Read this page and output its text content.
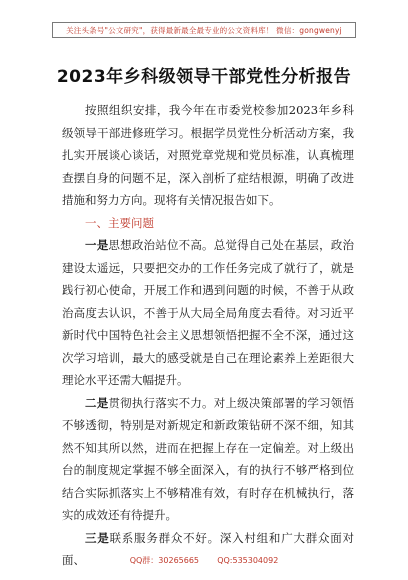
关注头条号"公文研究"，获得最新最全最专业的公文资料库！ 微信：gongwenyj
2023年乡科级领导干部党性分析报告

按照组织安排，我今年在市委党校参加2023年乡科级领导干部进修班学习。根据学员党性分析活动方案，我扎实开展谈心谈话，对照党章党规和党员标准，认真梳理查摆自身的问题不足，深入剖析了症结根源，明确了改进措施和努力方向。现将有关情况报告如下。

一、主要问题

一是思想政治站位不高。总觉得自己处在基层，政治建设太遥远，只要把交办的工作任务完成了就行了，就是践行初心使命，开展工作和遇到问题的时候，不善于从政治高度去认识，不善于从大局全局角度去看待。对习近平新时代中国特色社会主义思想领悟把握不全不深，通过这次学习培训，最大的感受就是自己在理论素养上差距很大理论水平还需大幅提升。

二是贯彻执行落实不力。对上级决策部署的学习领悟不够透彻，特别是对新规定和新政策钻研不深不细，知其然不知其所以然，进而在把握上存在一定偏差。对上级出台的制度规定掌握不够全面深入，有的执行不够严格到位结合实际抓落实上不够精准有效，有时存在机械执行，落实的成效还有待提升。

三是联系服务群众不好。深入村组和广大群众面对面、	QQ群：30265665 QQ:535304092
